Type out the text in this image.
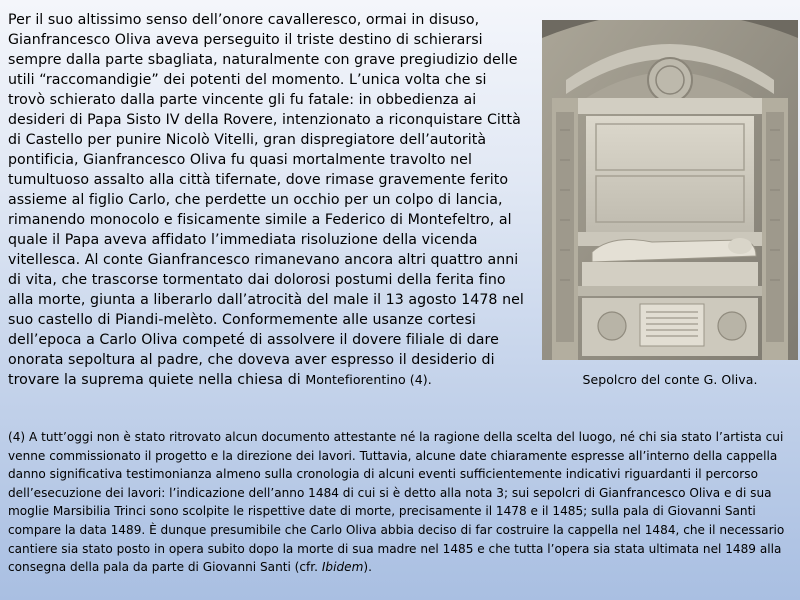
Sepolcro del conte G. Oliva.
Per il suo altissimo senso dell’onore cavalleresco, ormai in disuso, Gianfrancesco Oliva aveva perseguito il triste destino di schierarsi sempre dalla parte sbagliata, naturalmente con grave pregiudizio delle utili “raccomandigie” dei potenti del momento. L’unica volta che si trovò schierato dalla parte vincente gli fu fatale: in obbedienza ai desideri di Papa Sisto IV della Rovere, intenzionato a riconquistare Città di Castello per punire Nicolò Vitelli, gran dispregiatore dell’autorità pontificia, Gianfrancesco Oliva fu quasi mortalmente travolto nel tumultuoso assalto alla città tifernate, dove rimase gravemente ferito assieme al figlio Carlo, che perdette un occhio per un colpo di lancia, rimanendo monocolo e fisicamente simile a Federico di Montefeltro, al quale il Papa aveva affidato l’immediata risoluzione della vicenda vitellesca. Al conte Gianfrancesco rimanevano ancora altri quattro anni di vita, che trascorse tormentato dai dolorosi postumi della ferita fino alla morte, giunta a liberarlo dall’atrocità del male il 13 agosto 1478 nel suo castello di Piandi-melèto. Conformemente alle usanze cortesi dell’epoca a Carlo Oliva competé di assolvere il dovere filiale di dare onorata sepoltura al padre, che doveva aver espresso il desiderio di trovare la suprema quiete nella chiesa di Montefiorentino (4).

(4) A tutt’oggi non è stato ritrovato alcun documento attestante né la ragione della scelta del luogo, né chi sia stato l’artista cui venne commissionato il progetto e la direzione dei lavori. Tuttavia, alcune date chiaramente espresse all’interno della cappella danno significativa testimonianza almeno sulla cronologia di alcuni eventi sufficientemente indicativi riguardanti il percorso dell’esecuzione dei lavori: l’indicazione dell’anno 1484 di cui si è detto alla nota 3; sui sepolcri di Gianfrancesco Oliva e di sua moglie Marsibilia Trinci sono scolpite le rispettive date di morte, precisamente il 1478 e il 1485; sulla pala di Giovanni Santi compare la data 1489. È dunque presumibile che Carlo Oliva abbia deciso di far costruire la cappella nel 1484, che il necessario cantiere sia stato posto in opera subito dopo la morte di sua madre nel 1485 e che tutta l’opera sia stata ultimata nel 1489 alla consegna della pala da parte di Giovanni Santi (cfr. Ibidem).
